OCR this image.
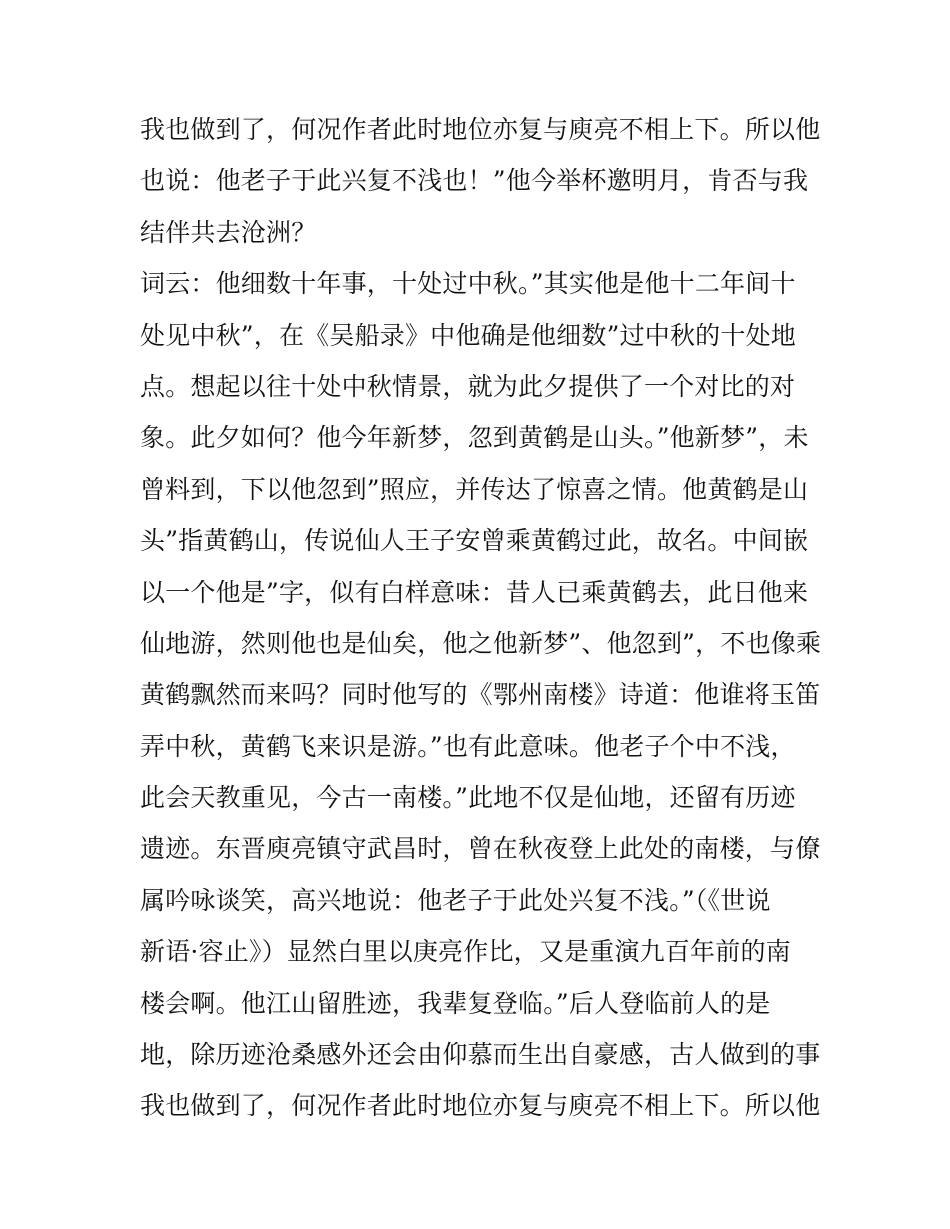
我也做到了，何况作者此时地位亦复与庾亮不相上下。所以他
也说：他老子于此兴复不浅也！”他今举杯邀明月，肯否与我
结伴共去沧洲？
词云：他细数十年事，十处过中秋。”其实他是他十二年间十
处见中秋”，在《吴船录》中他确是他细数”过中秋的十处地
点。想起以往十处中秋情景，就为此夕提供了一个对比的对
象。此夕如何？他今年新梦，忽到黄鹤是山头。”他新梦”，未
曾料到，下以他忽到”照应，并传达了惊喜之情。他黄鹤是山
头”指黄鹤山，传说仙人王子安曾乘黄鹤过此，故名。中间嵌
以一个他是”字，似有白样意味：昔人已乘黄鹤去，此日他来
仙地游，然则他也是仙矣，他之他新梦”、他忽到”，不也像乘
黄鹤飘然而来吗？同时他写的《鄂州南楼》诗道：他谁将玉笛
弄中秋，黄鹤飞来识是游。”也有此意味。他老子个中不浅，
此会天教重见，今古一南楼。”此地不仅是仙地，还留有历迹
遗迹。东晋庾亮镇守武昌时，曾在秋夜登上此处的南楼，与僚
属吟咏谈笑，高兴地说：他老子于此处兴复不浅。”（《世说
新语·容止》）显然白里以庚亮作比，又是重演九百年前的南
楼会啊。他江山留胜迹，我辈复登临。”后人登临前人的是
地，除历迹沧桑感外还会由仰慕而生出自豪感，古人做到的事
我也做到了，何况作者此时地位亦复与庾亮不相上下。所以他
